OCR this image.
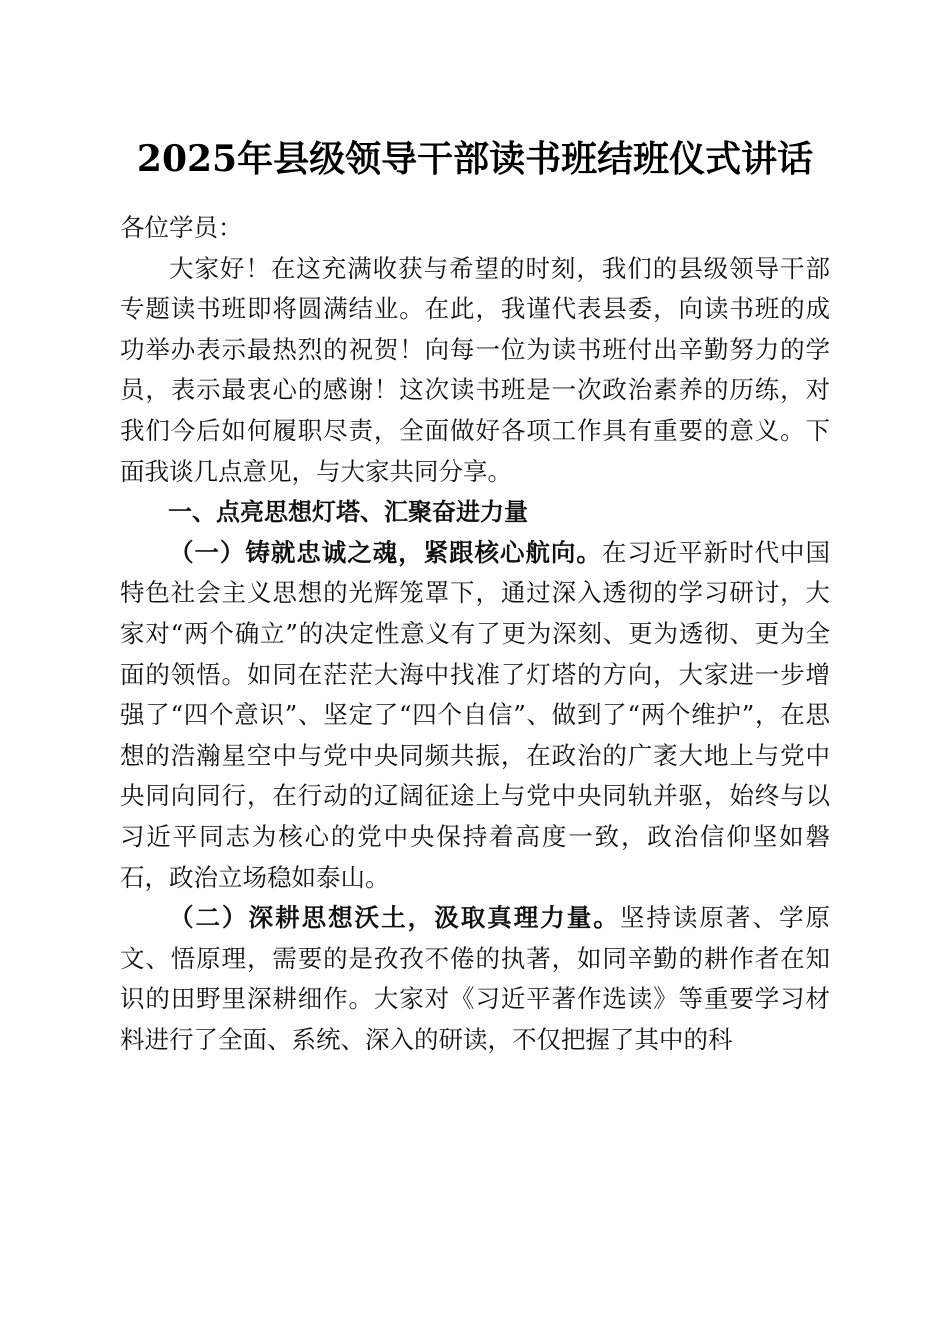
2025年县级领导干部读书班结班仪式讲话

各位学员：

大家好！在这充满收获与希望的时刻，我们的县级领导干部专题读书班即将圆满结业。在此，我谨代表县委，向读书班的成功举办表示最热烈的祝贺！向每一位为读书班付出辛勤努力的学员，表示最衷心的感谢！这次读书班是一次政治素养的历练，对我们今后如何履职尽责，全面做好各项工作具有重要的意义。下面我谈几点意见，与大家共同分享。

一、点亮思想灯塔、汇聚奋进力量

（一）铸就忠诚之魂，紧跟核心航向。在习近平新时代中国特色社会主义思想的光辉笼罩下，通过深入透彻的学习研讨，大家对“两个确立”的决定性意义有了更为深刻、更为透彻、更为全面的领悟。如同在茫茫大海中找准了灯塔的方向，大家进一步增强了“四个意识”、坚定了“四个自信”、做到了“两个维护”，在思想的浩瀚星空中与党中央同频共振，在政治的广袤大地上与党中央同向同行，在行动的辽阔征途上与党中央同轨并驱，始终与以习近平同志为核心的党中央保持着高度一致，政治信仰坚如磐石，政治立场稳如泰山。

（二）深耕思想沃土，汲取真理力量。坚持读原著、学原文、悟原理，需要的是孜孜不倦的执著，如同辛勤的耕作者在知识的田野里深耕细作。大家对《习近平著作选读》等重要学习材料进行了全面、系统、深入的研读，不仅把握了其中的科
